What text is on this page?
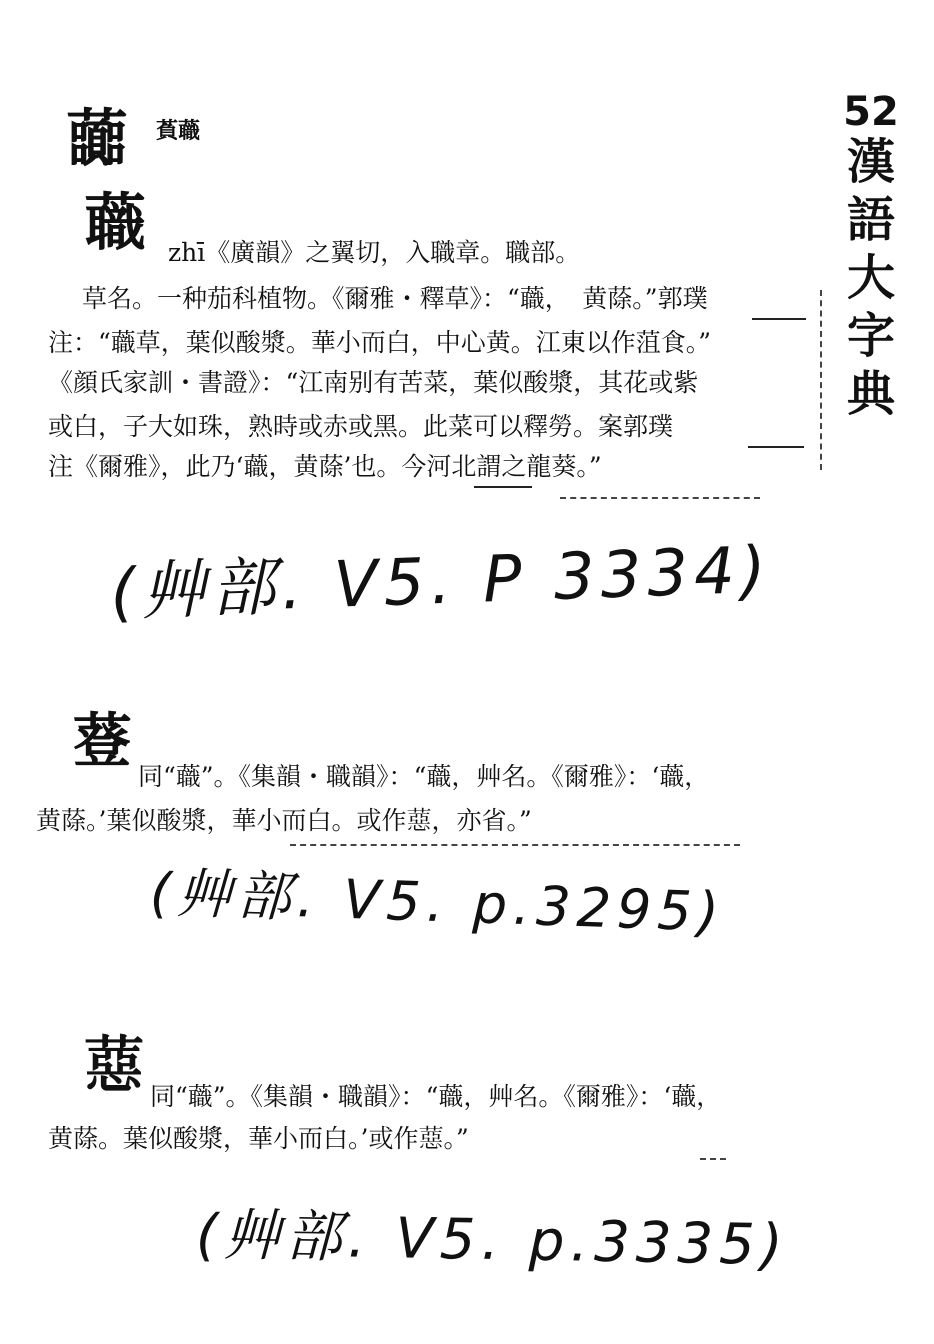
虈 萯蘵	52
漢
語
大
字
典
蘵 zhī《廣韻》之翼切，入職章。職部。
草名。一种茄科植物。《爾雅・釋草》：“蘵，　黄蒢。”郭璞
注：“蘵草，葉似酸漿。華小而白，中心黄。江東以作菹食。”
《顔氏家訓・書證》：“江南别有苦菜，葉似酸漿，其花或紫
或白，子大如珠，熟時或赤或黑。此菜可以釋勞。案郭璞
注《爾雅》，此乃‘蘵，黄蒢’也。今河北謂之龍葵。”
(艸部. V5. P 3334)
䔲 同“蘵”。《集韻・職韻》：“蘵，艸名。《爾雅》：‘蘵，
黄蒢。’葉似酸漿，華小而白。或作𦼇，亦省。”
(艸部. V5. p.3295)
𦼇 同“蘵”。《集韻・職韻》：“蘵，艸名。《爾雅》：‘蘵，
黄蒢。葉似酸漿，華小而白。’或作𦼇。”
(艸部. V5. p.3335)
